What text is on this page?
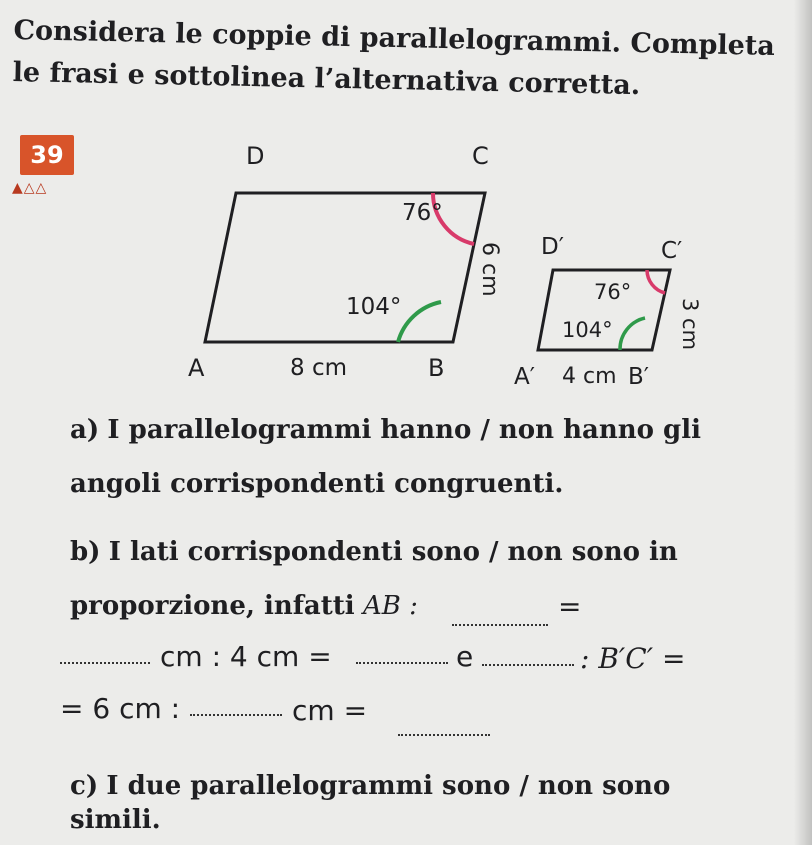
Considera le coppie di parallelogrammi. Completa
le frasi e sottolinea l’alternativa corretta.
39
▲△△
D	C
A	B
76°
104°
8 cm
6 cm D′	C′
A′	B′
76°
104°
4 cm
3 cm
a) I parallelogrammi hanno / non hanno gli
angoli corrispondenti congruenti.
b) I lati corrispondenti sono / non sono in
proporzione, infatti AB :	=
cm : 4 cm =	e	: B′C′ =
= 6 cm :	cm =
c) I due parallelogrammi sono / non sono
simili.
